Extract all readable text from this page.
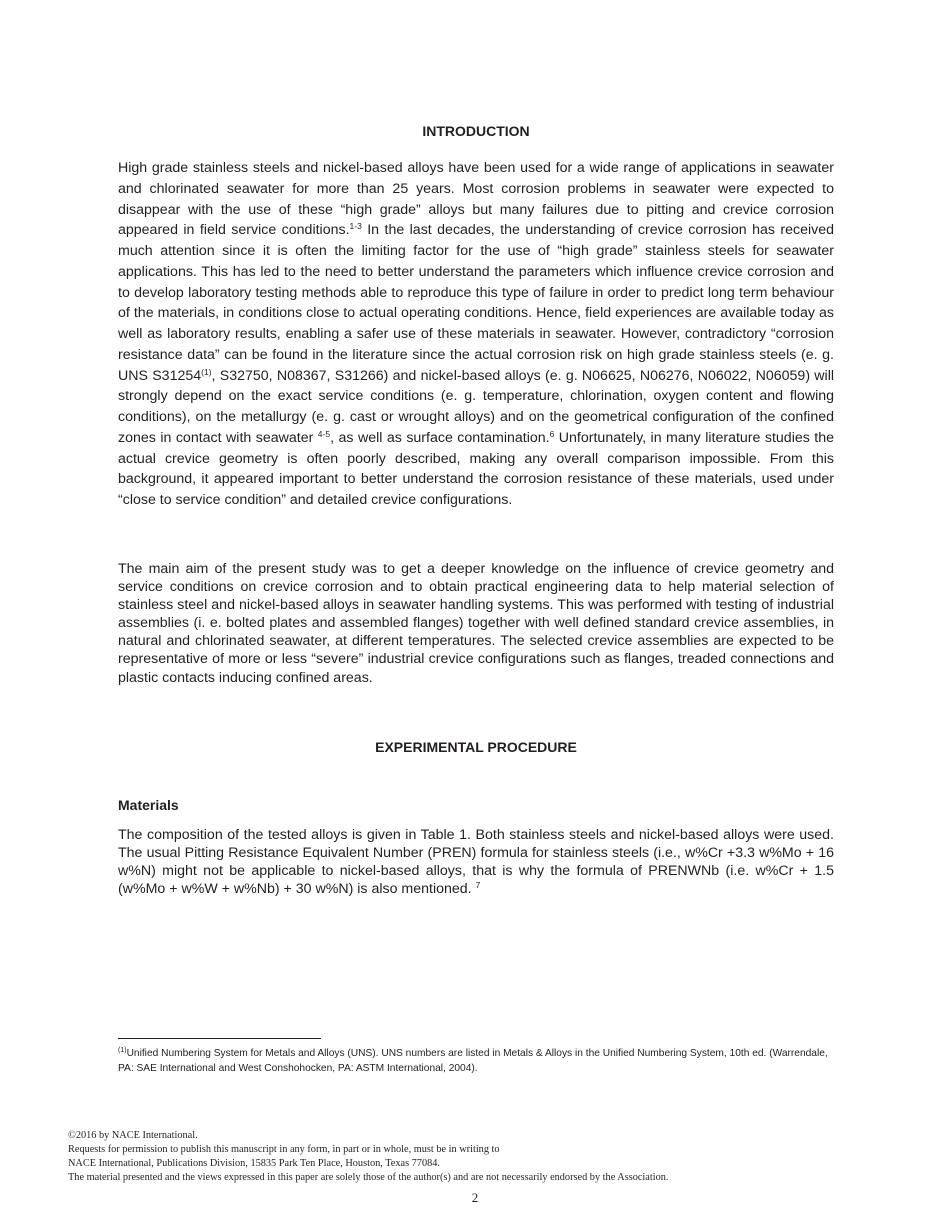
INTRODUCTION

High grade stainless steels and nickel-based alloys have been used for a wide range of applications in seawater and chlorinated seawater for more than 25 years. Most corrosion problems in seawater were expected to disappear with the use of these “high grade” alloys but many failures due to pitting and crevice corrosion appeared in field service conditions.$^{1-3}$ In the last decades, the understanding of crevice corrosion has received much attention since it is often the limiting factor for the use of “high grade” stainless steels for seawater applications. This has led to the need to better understand the parameters which influence crevice corrosion and to develop laboratory testing methods able to reproduce this type of failure in order to predict long term behaviour of the materials, in conditions close to actual operating conditions. Hence, field experiences are available today as well as laboratory results, enabling a safer use of these materials in seawater. However, contradictory “corrosion resistance data” can be found in the literature since the actual corrosion risk on high grade stainless steels (e. g. UNS S31254$^{(1)}$, S32750, N08367, S31266) and nickel-based alloys (e. g. N06625, N06276, N06022, N06059) will strongly depend on the exact service conditions (e. g. temperature, chlorination, oxygen content and flowing conditions), on the metallurgy (e. g. cast or wrought alloys) and on the geometrical configuration of the confined zones in contact with seawater $^{4-5}$, as well as surface contamination.$^6$ Unfortunately, in many literature studies the actual crevice geometry is often poorly described, making any overall comparison impossible. From this background, it appeared important to better understand the corrosion resistance of these materials, used under “close to service condition” and detailed crevice configurations.

The main aim of the present study was to get a deeper knowledge on the influence of crevice geometry and service conditions on crevice corrosion and to obtain practical engineering data to help material selection of stainless steel and nickel-based alloys in seawater handling systems. This was performed with testing of industrial assemblies (i. e. bolted plates and assembled flanges) together with well defined standard crevice assemblies, in natural and chlorinated seawater, at different temperatures. The selected crevice assemblies are expected to be representative of more or less “severe” industrial crevice configurations such as flanges, treaded connections and plastic contacts inducing confined areas.

EXPERIMENTAL PROCEDURE
Materials

The composition of the tested alloys is given in Table 1. Both stainless steels and nickel-based alloys were used. The usual Pitting Resistance Equivalent Number (PREN) formula for stainless steels (i.e., w%Cr +3.3 w%Mo + 16 w%N) might not be applicable to nickel-based alloys, that is why the formula of PRENWNb (i.e. w%Cr + 1.5 (w%Mo + w%W + w%Nb) + 30 w%N) is also mentioned. $^7$

$^{(1)}$Unified Numbering System for Metals and Alloys (UNS). UNS numbers are listed in Metals & Alloys in the Unified Numbering System, 10th ed. (Warrendale, PA: SAE International and West Conshohocken, PA: ASTM International, 2004).

©2016 by NACE International.
Requests for permission to publish this manuscript in any form, in part or in whole, must be in writing to
NACE International, Publications Division, 15835 Park Ten Place, Houston, Texas 77084.
The material presented and the views expressed in this paper are solely those of the author(s) and are not necessarily endorsed by the Association.
2
